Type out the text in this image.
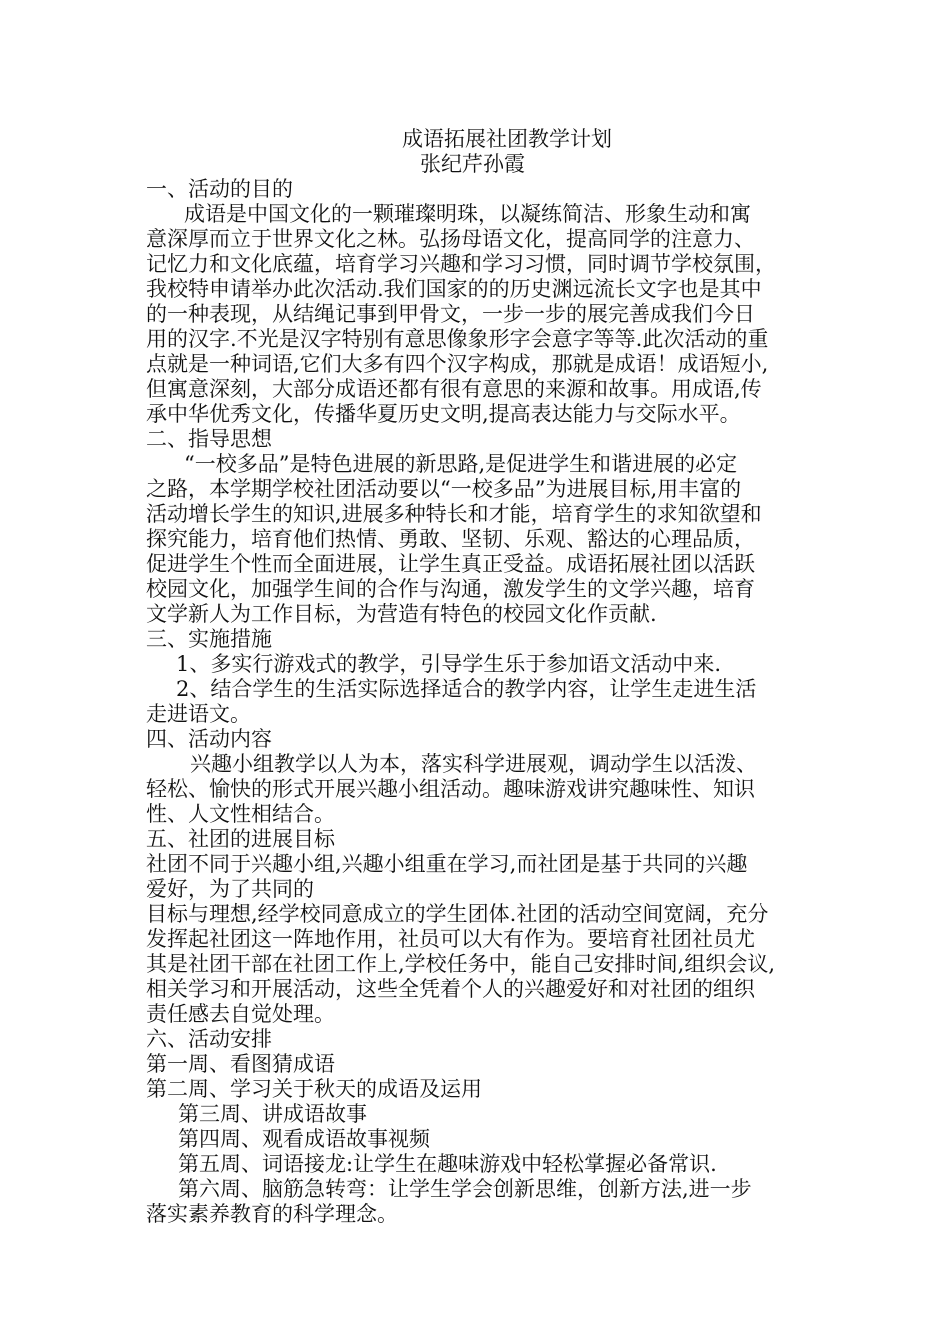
成语拓展社团教学计划
张纪芹孙霞
一、活动的目的
成语是中国文化的一颗璀璨明珠，以凝练简洁、形象生动和寓
意深厚而立于世界文化之林。弘扬母语文化，提高同学的注意力、
记忆力和文化底蕴，培育学习兴趣和学习习惯，同时调节学校氛围，
我校特申请举办此次活动.我们国家的的历史渊远流长文字也是其中
的一种表现，从结绳记事到甲骨文，一步一步的展完善成我们今日
用的汉字.不光是汉字特别有意思像象形字会意字等等.此次活动的重
点就是一种词语,它们大多有四个汉字构成，那就是成语！成语短小,
但寓意深刻，大部分成语还都有很有意思的来源和故事。用成语,传
承中华优秀文化，传播华夏历史文明,提高表达能力与交际水平。
二、指导思想
“一校多品”是特色进展的新思路,是促进学生和谐进展的必定
之路，本学期学校社团活动要以“一校多品”为进展目标,用丰富的
活动增长学生的知识,进展多种特长和才能，培育学生的求知欲望和
探究能力，培育他们热情、勇敢、坚韧、乐观、豁达的心理品质，
促进学生个性而全面进展，让学生真正受益。成语拓展社团以活跃
校园文化，加强学生间的合作与沟通，激发学生的文学兴趣，培育
文学新人为工作目标，为营造有特色的校园文化作贡献.
三、实施措施
1、多实行游戏式的教学，引导学生乐于参加语文活动中来.
2、结合学生的生活实际选择适合的教学内容，让学生走进生活
走进语文。
四、活动内容
兴趣小组教学以人为本，落实科学进展观，调动学生以活泼、
轻松、愉快的形式开展兴趣小组活动。趣味游戏讲究趣味性、知识
性、人文性相结合。
五、社团的进展目标
社团不同于兴趣小组,兴趣小组重在学习,而社团是基于共同的兴趣
爱好，为了共同的
目标与理想,经学校同意成立的学生团体.社团的活动空间宽阔，充分
发挥起社团这一阵地作用，社员可以大有作为。要培育社团社员尤
其是社团干部在社团工作上,学校任务中，能自己安排时间,组织会议,
相关学习和开展活动，这些全凭着个人的兴趣爱好和对社团的组织
责任感去自觉处理。
六、活动安排
第一周、看图猜成语
第二周、学习关于秋天的成语及运用
第三周、讲成语故事
第四周、观看成语故事视频
第五周、词语接龙:让学生在趣味游戏中轻松掌握必备常识.
第六周、脑筋急转弯：让学生学会创新思维，创新方法,进一步
落实素养教育的科学理念。
